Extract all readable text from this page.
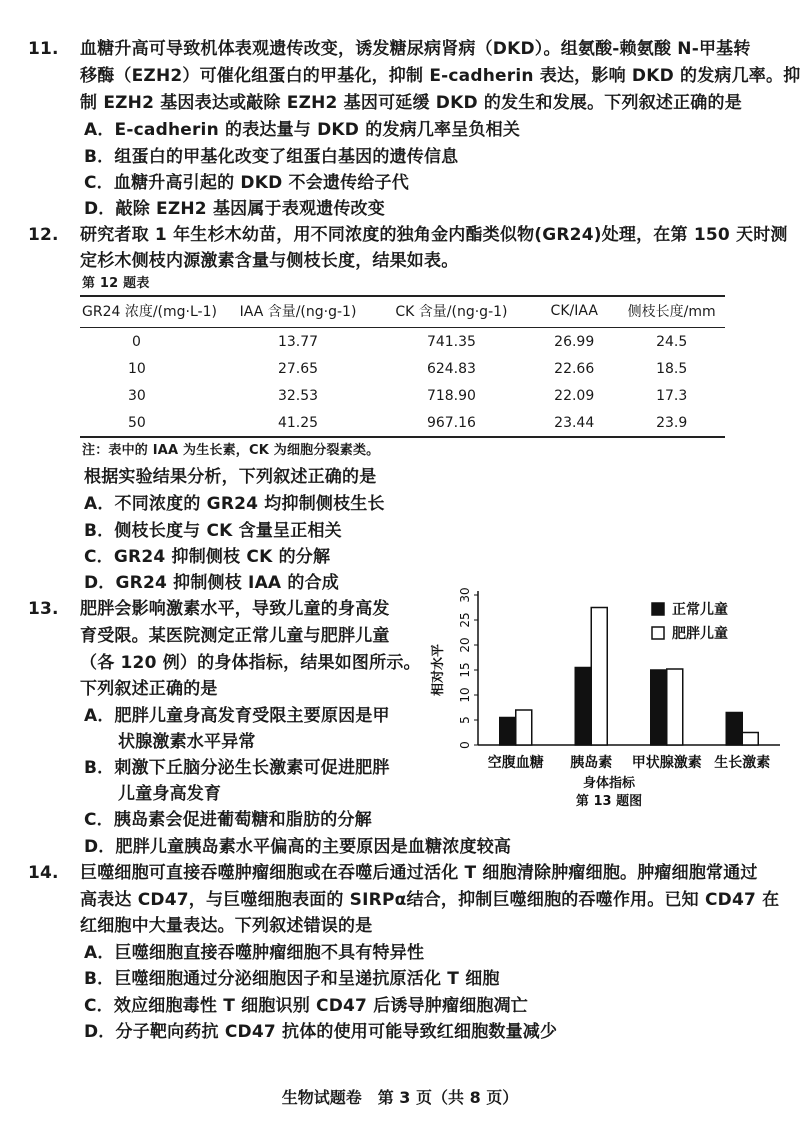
11. 血糖升高可导致机体表观遗传改变，诱发糖尿病肾病（DKD）。组氨酸-赖氨酸 N-甲基转
移酶（EZH2）可催化组蛋白的甲基化，抑制 E-cadherin 表达，影响 DKD 的发病几率。抑
制 EZH2 基因表达或敲除 EZH2 基因可延缓 DKD 的发生和发展。下列叙述正确的是
A．E-cadherin 的表达量与 DKD 的发病几率呈负相关
B．组蛋白的甲基化改变了组蛋白基因的遗传信息
C．血糖升高引起的 DKD 不会遗传给子代
D．敲除 EZH2 基因属于表观遗传改变
12. 研究者取 1 年生杉木幼苗，用不同浓度的独角金内酯类似物(GR24)处理，在第 150 天时测
定杉木侧枝内源激素含量与侧枝长度，结果如表。
第 12 题表
GR24 浓度/(mg·L-1)	IAA 含量/(ng·g-1)	CK 含量/(ng·g-1)	CK/IAA	侧枝长度/mm
0	13.77	741.35	26.99	24.5
10	27.65	624.83	22.66	18.5
30	32.53	718.90	22.09	17.3
50	41.25	967.16	23.44	23.9
注：表中的 IAA 为生长素，CK 为细胞分裂素类。
根据实验结果分析，下列叙述正确的是
A．不同浓度的 GR24 均抑制侧枝生长
B．侧枝长度与 CK 含量呈正相关
C．GR24 抑制侧枝 CK 的分解
D．GR24 抑制侧枝 IAA 的合成
13. 肥胖会影响激素水平，导致儿童的身高发
育受限。某医院测定正常儿童与肥胖儿童
（各 120 例）的身体指标，结果如图所示。
下列叙述正确的是
A．肥胖儿童身高发育受限主要原因是甲
状腺激素水平异常
B．刺激下丘脑分泌生长激素可促进肥胖
儿童身高发育
C．胰岛素会促进葡萄糖和脂肪的分解
D．肥胖儿童胰岛素水平偏高的主要原因是血糖浓度较高
0
5
10
15
20
25
30
相对水平
空腹血糖 胰岛素 甲状腺激素 生长激素
身体指标
第 13 题图
正常儿童
肥胖儿童
14. 巨噬细胞可直接吞噬肿瘤细胞或在吞噬后通过活化 T 细胞清除肿瘤细胞。肿瘤细胞常通过
高表达 CD47，与巨噬细胞表面的 SIRPα结合，抑制巨噬细胞的吞噬作用。已知 CD47 在
红细胞中大量表达。下列叙述错误的是
A．巨噬细胞直接吞噬肿瘤细胞不具有特异性
B．巨噬细胞通过分泌细胞因子和呈递抗原活化 T 细胞
C．效应细胞毒性 T 细胞识别 CD47 后诱导肿瘤细胞凋亡
D．分子靶向药抗 CD47 抗体的使用可能导致红细胞数量减少
生物试题卷　第 3 页（共 8 页）
